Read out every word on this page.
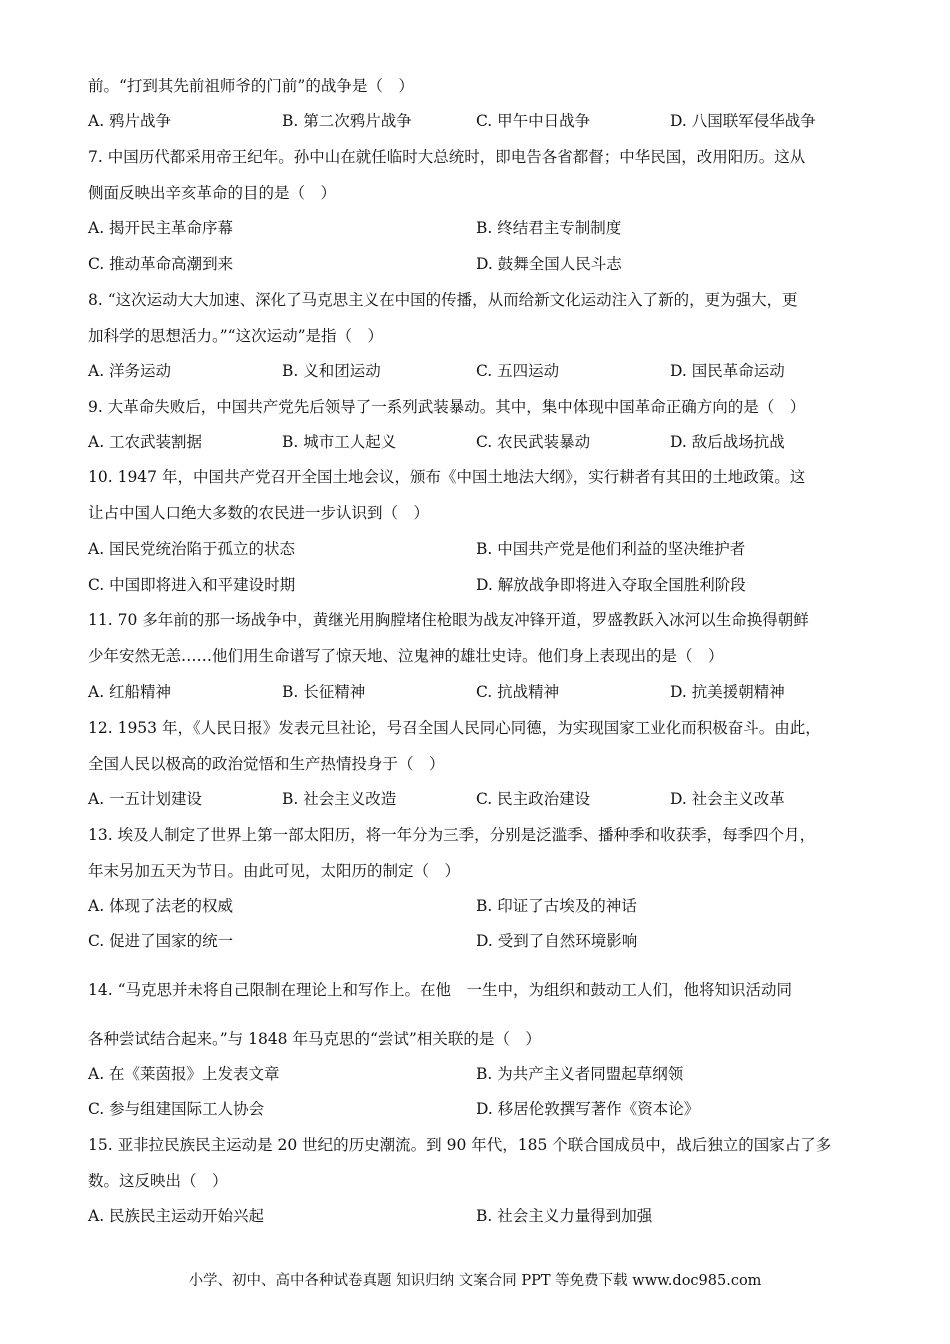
前。“打到其先前祖师爷的门前”的战争是（　）
A. 鸦片战争	B. 第二次鸦片战争	C. 甲午中日战争	D. 八国联军侵华战争
7. 中国历代都采用帝王纪年。孙中山在就任临时大总统时，即电告各省都督；中华民国，改用阳历。这从
侧面反映出辛亥革命的目的是（　）
A. 揭开民主革命序幕	B. 终结君主专制制度
C. 推动革命高潮到来	D. 鼓舞全国人民斗志
8. “这次运动大大加速、深化了马克思主义在中国的传播，从而给新文化运动注入了新的，更为强大，更
加科学的思想活力。”“这次运动”是指（　）
A. 洋务运动	B. 义和团运动	C. 五四运动	D. 国民革命运动
9. 大革命失败后，中国共产党先后领导了一系列武装暴动。其中，集中体现中国革命正确方向的是（　）
A. 工农武装割据	B. 城市工人起义	C. 农民武装暴动	D. 敌后战场抗战
10. 1947 年，中国共产党召开全国土地会议，颁布《中国土地法大纲》，实行耕者有其田的土地政策。这
让占中国人口绝大多数的农民进一步认识到（　）
A. 国民党统治陷于孤立的状态	B. 中国共产党是他们利益的坚决维护者
C. 中国即将进入和平建设时期	D. 解放战争即将进入夺取全国胜利阶段
11. 70 多年前的那一场战争中，黄继光用胸膛堵住枪眼为战友冲锋开道，罗盛教跃入冰河以生命换得朝鲜
少年安然无恙……他们用生命谱写了惊天地、泣鬼神的雄壮史诗。他们身上表现出的是（　）
A. 红船精神	B. 长征精神	C. 抗战精神	D. 抗美援朝精神
12. 1953 年，《人民日报》发表元旦社论，号召全国人民同心同德，为实现国家工业化而积极奋斗。由此，
全国人民以极高的政治觉悟和生产热情投身于（　）
A. 一五计划建设	B. 社会主义改造	C. 民主政治建设	D. 社会主义改革
13. 埃及人制定了世界上第一部太阳历，将一年分为三季，分别是泛滥季、播种季和收获季，每季四个月，
年末另加五天为节日。由此可见，太阳历的制定（　）
A. 体现了法老的权威	B. 印证了古埃及的神话
C. 促进了国家的统一	D. 受到了自然环境影响
14. “马克思并未将自己限制在理论上和写作上。在他　一生中，为组织和鼓动工人们，他将知识活动同
各种尝试结合起来。”与 1848 年马克思的“尝试”相关联的是（　）
A. 在《莱茵报》上发表文章	B. 为共产主义者同盟起草纲领
C. 参与组建国际工人协会	D. 移居伦敦撰写著作《资本论》
15. 亚非拉民族民主运动是 20 世纪的历史潮流。到 90 年代，185 个联合国成员中，战后独立的国家占了多
数。这反映出（　）
A. 民族民主运动开始兴起	B. 社会主义力量得到加强
小学、初中、高中各种试卷真题 知识归纳 文案合同 PPT 等免费下载 www.doc985.com
